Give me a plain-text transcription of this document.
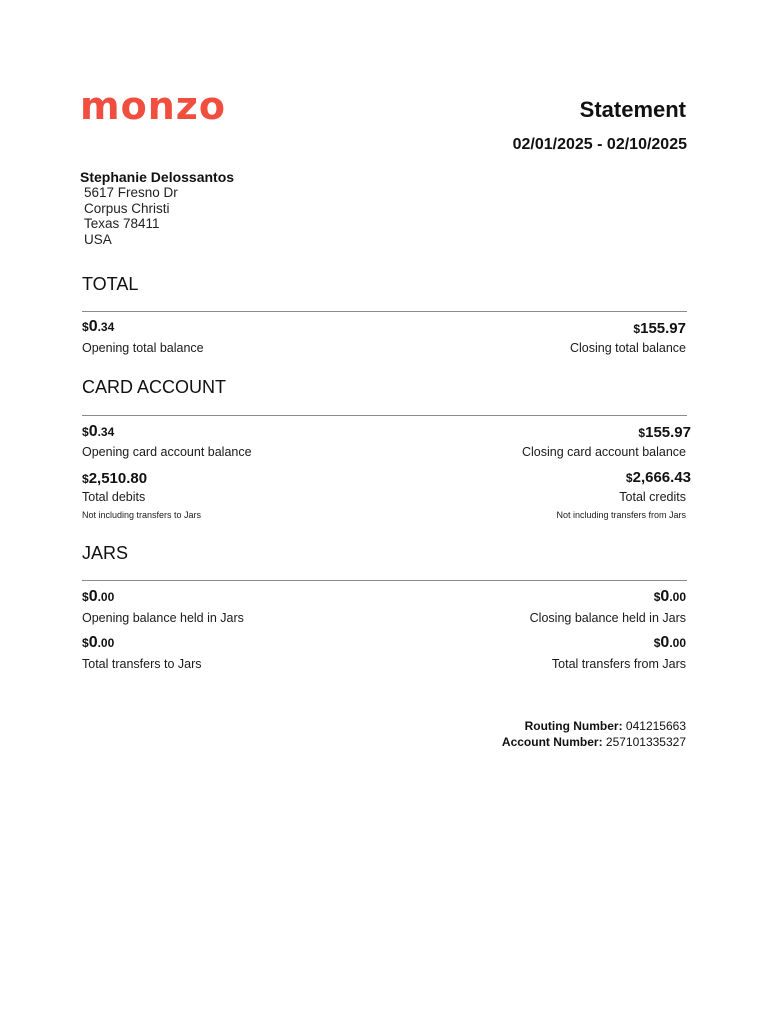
monzo	Statement
02/01/2025 - 02/10/2025
Stephanie Delossantos
5617 Fresno Dr
Corpus Christi
Texas 78411
USA
TOTAL
$0.34
Opening total balance
$155.97
Closing total balance
CARD ACCOUNT
$0.34
Opening card account balance
$155.97
Closing card account balance
$2,510.80
Total debits
Not including transfers to Jars
$2,666.43
Total credits
Not including transfers from Jars
JARS
$0.00
Opening balance held in Jars
$0.00
Closing balance held in Jars
$0.00
Total transfers to Jars
$0.00
Total transfers from Jars
Routing Number: 041215663
Account Number: 257101335327
